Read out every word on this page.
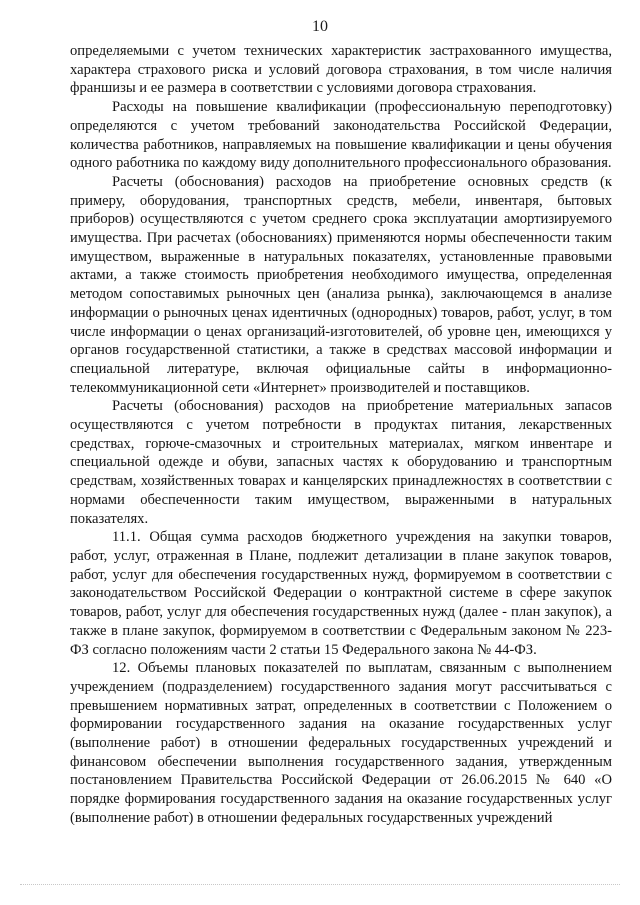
10

определяемыми с учетом технических характеристик застрахованного имущества, характера страхового риска и условий договора страхования, в том числе наличия франшизы и ее размера в соответствии с условиями договора страхования.

Расходы на повышение квалификации (профессиональную переподготовку) определяются с учетом требований законодательства Российской Федерации, количества работников, направляемых на повышение квалификации и цены обучения одного работника по каждому виду дополнительного профессионального образования.

Расчеты (обоснования) расходов на приобретение основных средств (к примеру, оборудования, транспортных средств, мебели, инвентаря, бытовых приборов) осуществляются с учетом среднего срока эксплуатации амортизируемого имущества. При расчетах (обоснованиях) применяются нормы обеспеченности таким имуществом, выраженные в натуральных показателях, установленные правовыми актами, а также стоимость приобретения необходимого имущества, определенная методом сопоставимых рыночных цен (анализа рынка), заключающемся в анализе информации о рыночных ценах идентичных (однородных) товаров, работ, услуг, в том числе информации о ценах организаций-изготовителей, об уровне цен, имеющихся у органов государственной статистики, а также в средствах массовой информации и специальной литературе, включая официальные сайты в информационно-телекоммуникационной сети «Интернет» производителей и поставщиков.

Расчеты (обоснования) расходов на приобретение материальных запасов осуществляются с учетом потребности в продуктах питания, лекарственных средствах, горюче-смазочных и строительных материалах, мягком инвентаре и специальной одежде и обуви, запасных частях к оборудованию и транспортным средствам, хозяйственных товарах и канцелярских принадлежностях в соответствии с нормами обеспеченности таким имуществом, выраженными в натуральных показателях.

11.1. Общая сумма расходов бюджетного учреждения на закупки товаров, работ, услуг, отраженная в Плане, подлежит детализации в плане закупок товаров, работ, услуг для обеспечения государственных нужд, формируемом в соответствии с законодательством Российской Федерации о контрактной системе в сфере закупок товаров, работ, услуг для обеспечения государственных нужд (далее - план закупок), а также в плане закупок, формируемом в соответствии с Федеральным законом № 223-ФЗ согласно положениям части 2 статьи 15 Федерального закона № 44-ФЗ.

12. Объемы плановых показателей по выплатам, связанным с выполнением учреждением (подразделением) государственного задания могут рассчитываться с превышением нормативных затрат, определенных в соответствии с Положением о формировании государственного задания на оказание государственных услуг (выполнение работ) в отношении федеральных государственных учреждений и финансовом обеспечении выполнения государственного задания, утвержденным постановлением Правительства Российской Федерации от 26.06.2015 № 640 «О порядке формирования государственного задания на оказание государственных услуг (выполнение работ) в отношении федеральных государственных учреждений
